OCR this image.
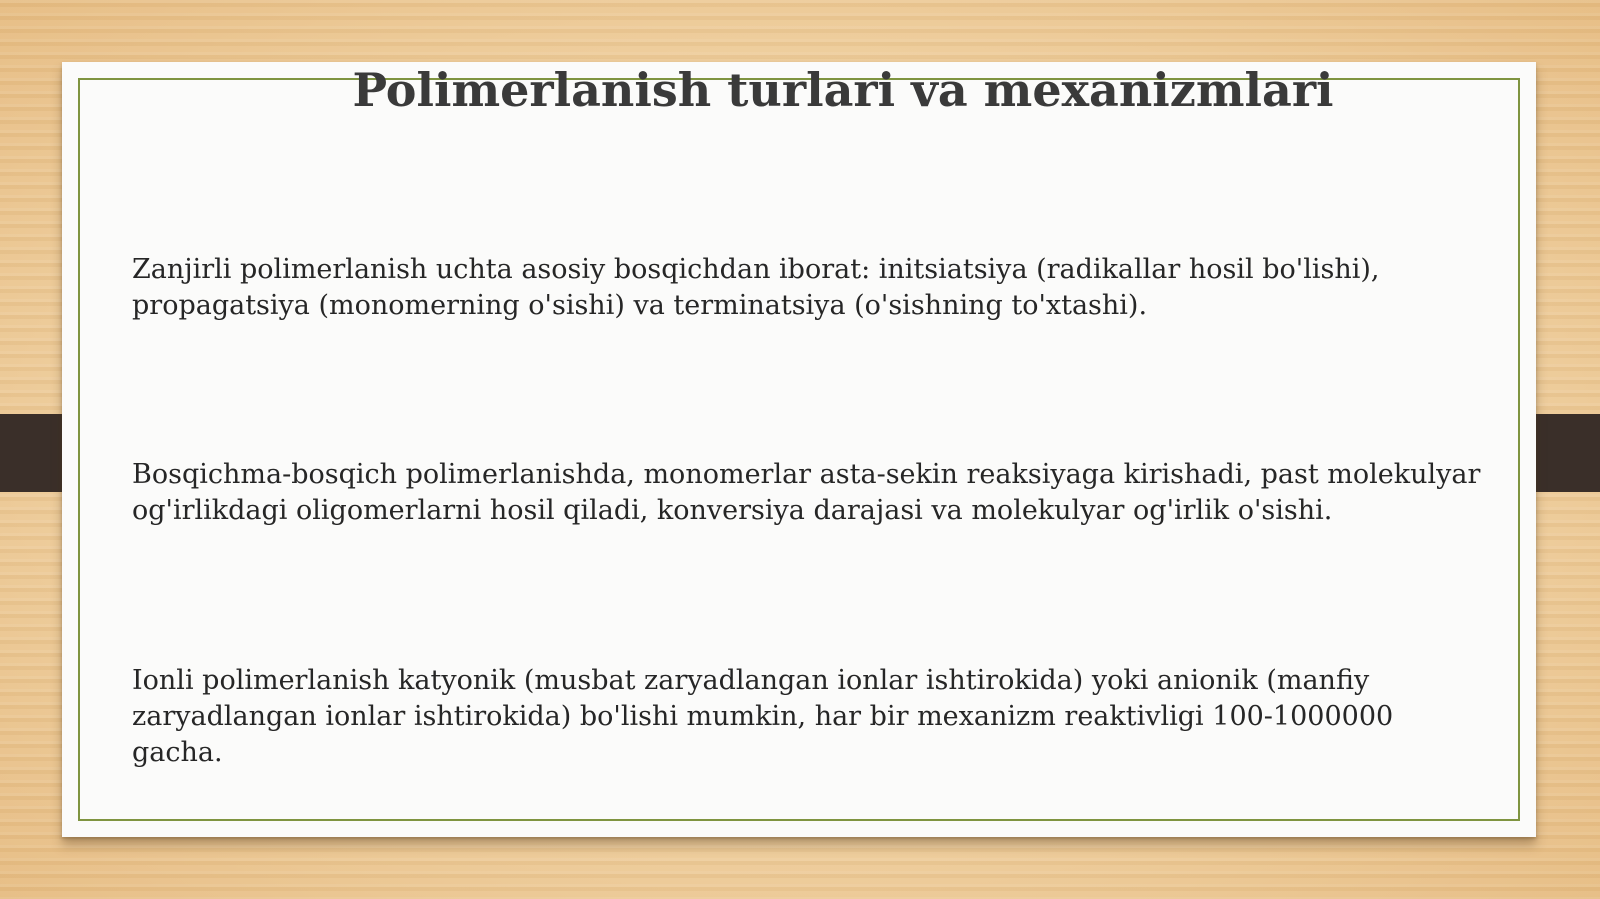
Polimerlanish turlari va mexanizmlari

Zanjirli polimerlanish uchta asosiy bosqichdan iborat: initsiatsiya (radikallar hosil bo'lishi), propagatsiya (monomerning o'sishi) va terminatsiya (o'sishning to'xtashi).

Bosqichma-bosqich polimerlanishda, monomerlar asta-sekin reaksiyaga kirishadi, past molekulyar og'irlikdagi oligomerlarni hosil qiladi, konversiya darajasi va molekulyar og'irlik o'sishi.

Ionli polimerlanish katyonik (musbat zaryadlangan ionlar ishtirokida) yoki anionik (manfiy zaryadlangan ionlar ishtirokida) bo'lishi mumkin, har bir mexanizm reaktivligi 100-1000000 gacha.
